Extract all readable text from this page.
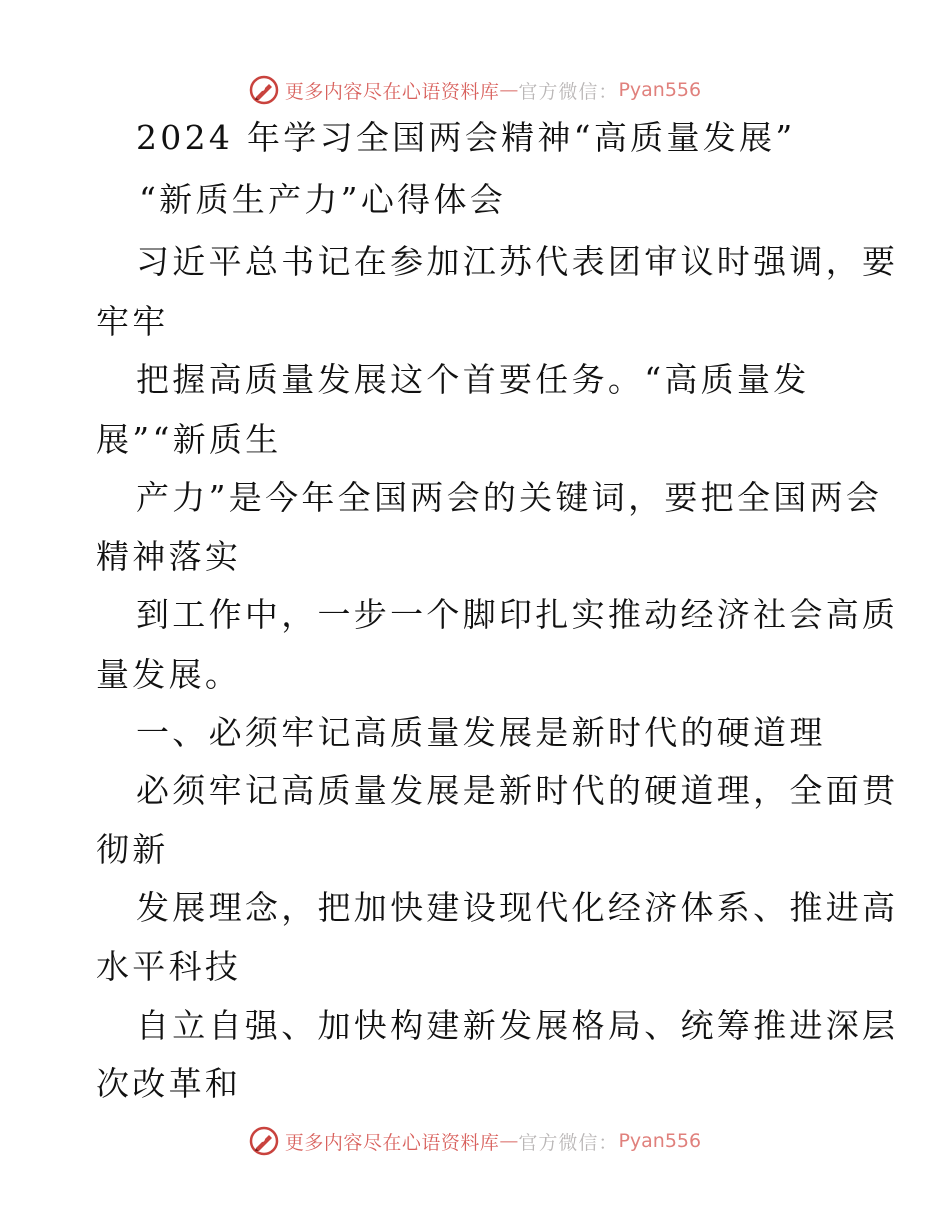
更多内容尽在心语资料库 — 官方微信： Pyan556
2024 年学习全国两会精神“高质量发展”
“新质生产力”心得体会
习近平总书记在参加江苏代表团审议时强调，要
牢牢
把握高质量发展这个首要任务。“高质量发
展”“新质生
产力”是今年全国两会的关键词，要把全国两会
精神落实
到工作中，一步一个脚印扎实推动经济社会高质
量发展。
一、必须牢记高质量发展是新时代的硬道理
必须牢记高质量发展是新时代的硬道理，全面贯
彻新
发展理念，把加快建设现代化经济体系、推进高
水平科技
自立自强、加快构建新发展格局、统筹推进深层
次改革和
更多内容尽在心语资料库 — 官方微信： Pyan556
